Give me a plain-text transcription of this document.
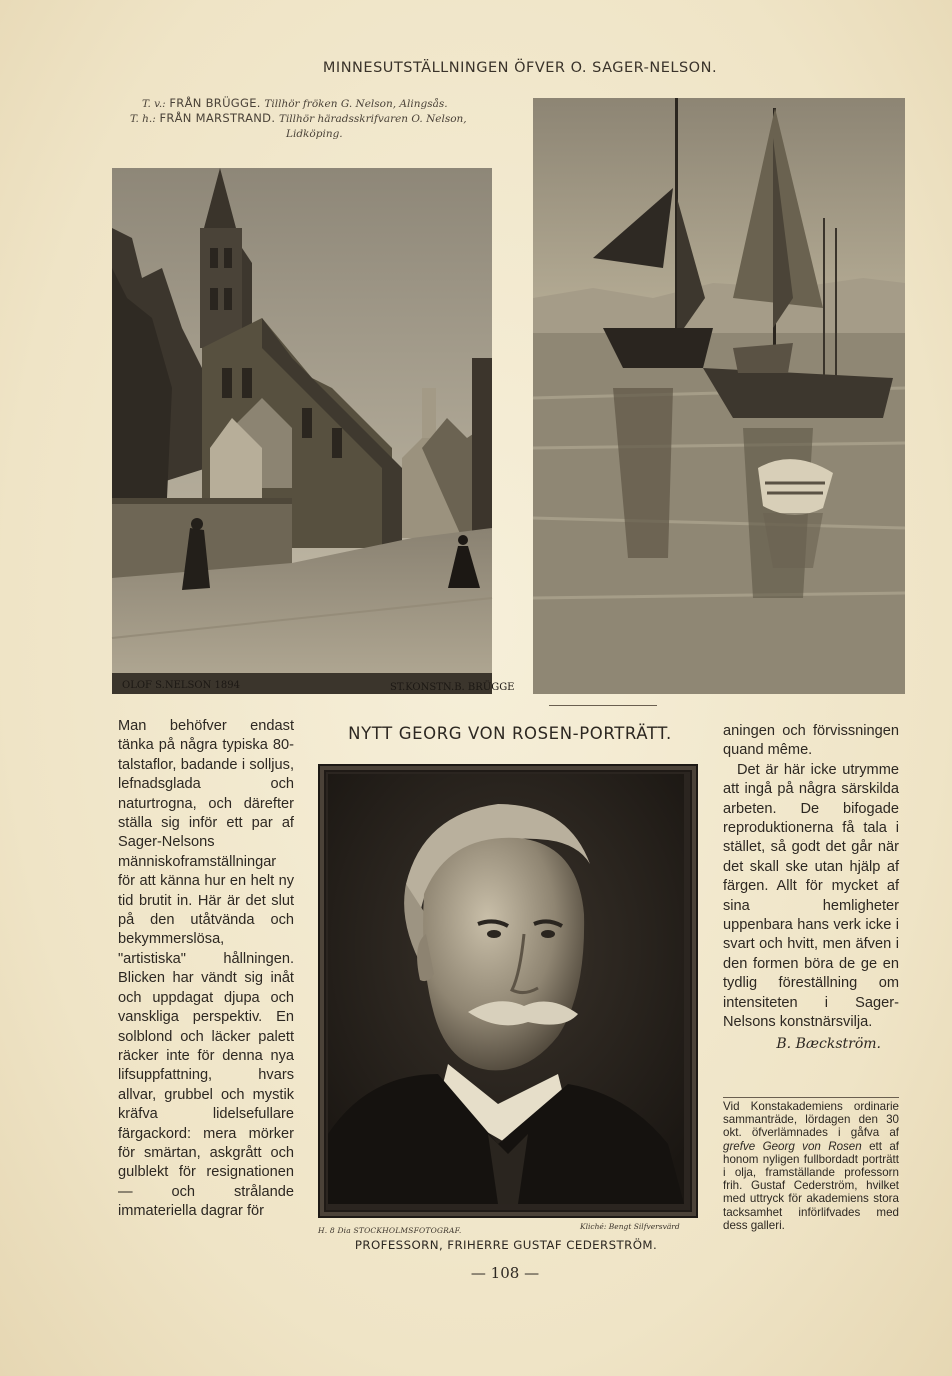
MINNESUTSTÄLLNINGEN ÖFVER O. SAGER-NELSON.
T. v.: FRÅN BRÜGGE. Tillhör fröken G. Nelson, Alingsås.
T. h.: FRÅN MARSTRAND. Tillhör häradsskrifvaren O. Nelson,
Lidköping.
OLOF S.NELSON 1894	ST.KONSTN.B. BRÜGGE
Man behöfver endast tänka på några typiska 80-talstaflor, badande i solljus, lefnadsglada och naturtrogna, och därefter ställa sig inför ett par af Sager-Nelsons människoframställningar för att känna hur en helt ny tid brutit in. Här är det slut på den utåtvända och bekymmerslösa, "artistiska" hållningen. Blicken har vändt sig inåt och uppdagat djupa och vanskliga perspektiv. En solblond och läcker palett räcker inte för denna nya lifsuppfattning, hvars allvar, grubbel och mystik kräfva lidelsefullare färgackord: mera mörker för smärtan, askgrått och gulblekt för resignationen — och strålande immateriella dagrar för
NYTT GEORG VON ROSEN-PORTRÄTT.
H. 8 Dia STOCKHOLMSFOTOGRAF.	Kliché: Bengt Silfversvärd
PROFESSORN, FRIHERRE GUSTAF CEDERSTRÖM.

aningen och förvissningen quand même.

Det är här icke utrymme att ingå på några särskilda arbeten. De bifogade reproduktionerna få tala i stället, så godt det går när det skall ske utan hjälp af färgen. Allt för mycket af sina hemligheter uppenbara hans verk icke i svart och hvitt, men äfven i den formen böra de ge en tydlig föreställning om intensiteten i Sager-Nelsons konstnärsvilja.

B. Bæckström.
Vid Konstakademiens ordinarie sammanträde, lördagen den 30 okt. öfverlämnades i gåfva af grefve Georg von Rosen ett af honom nyligen fullbordadt porträtt i olja, framställande professorn frih. Gustaf Cederström, hvilket med uttryck för akademiens stora tacksamhet införlifvades med dess galleri.
— 108 —
